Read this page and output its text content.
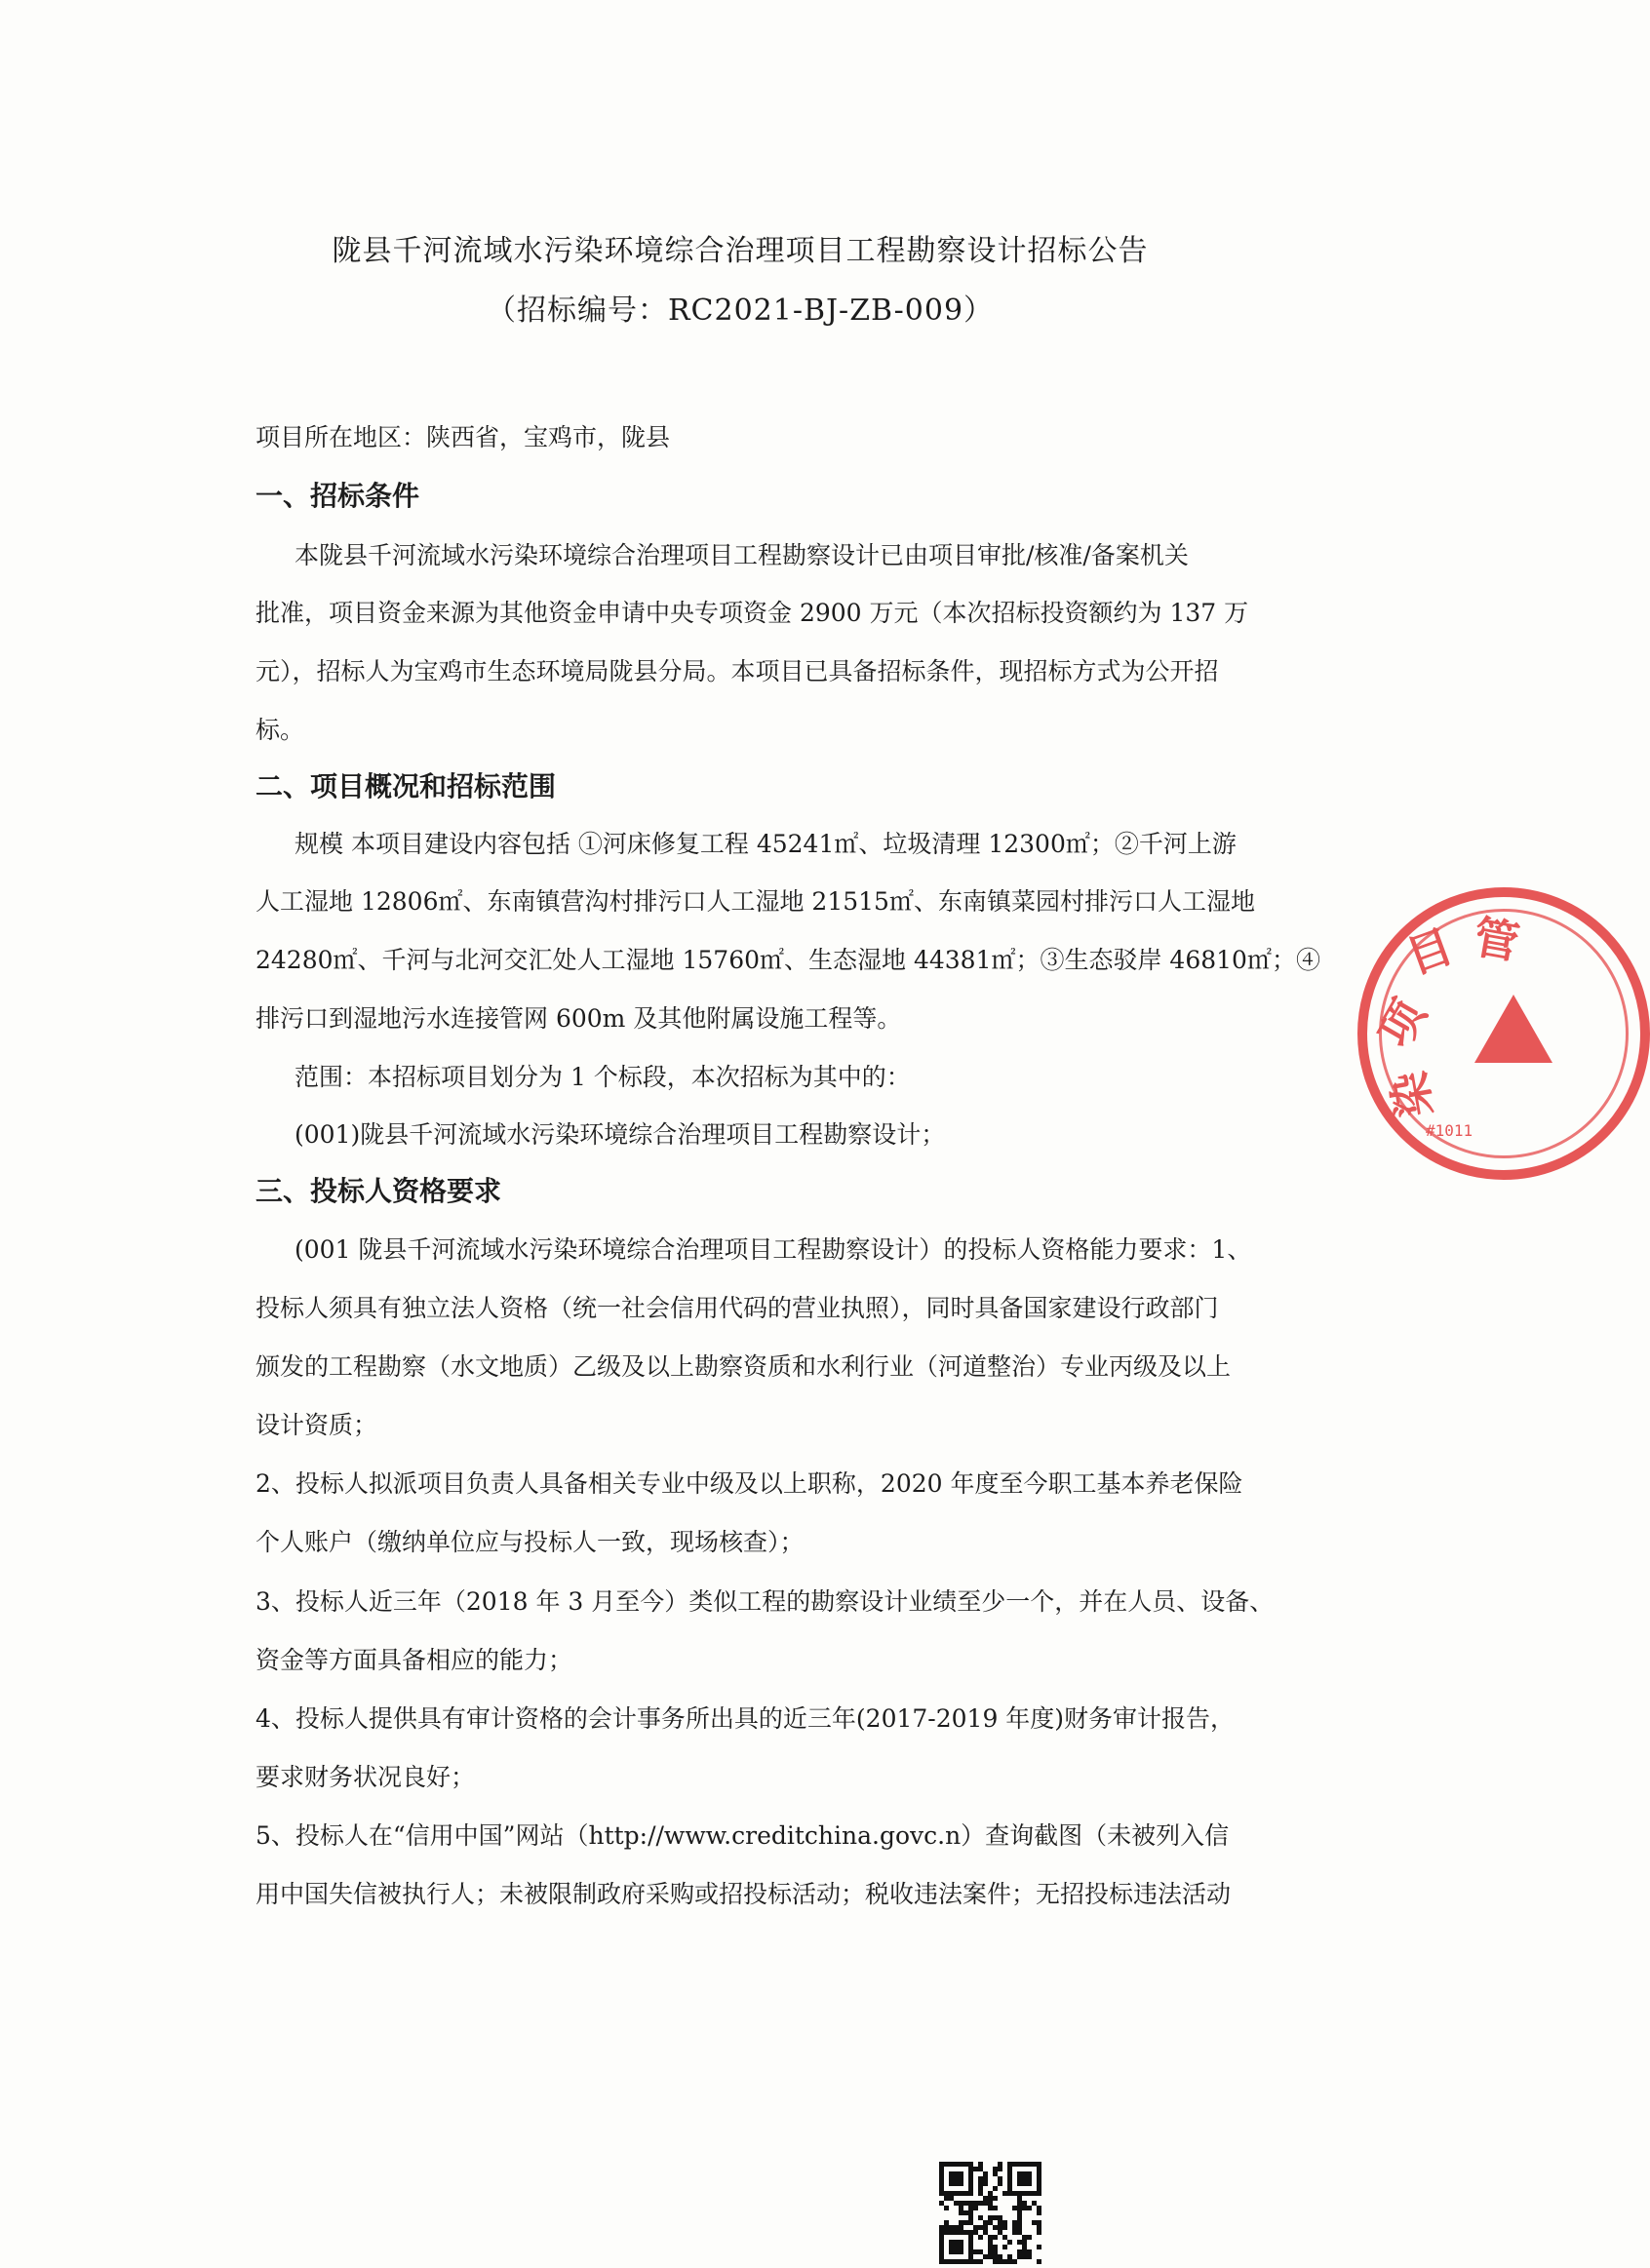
陇县千河流域水污染环境综合治理项目工程勘察设计招标公告
（招标编号：RC2021-BJ-ZB-009）
项目所在地区：陕西省，宝鸡市，陇县
一、招标条件
本陇县千河流域水污染环境综合治理项目工程勘察设计已由项目审批/核准/备案机关
批准，项目资金来源为其他资金申请中央专项资金 2900 万元（本次招标投资额约为 137 万
元），招标人为宝鸡市生态环境局陇县分局。本项目已具备招标条件，现招标方式为公开招
标。
二、项目概况和招标范围
规模 本项目建设内容包括 ①河床修复工程 45241㎡、垃圾清理 12300㎡；②千河上游
人工湿地 12806㎡、东南镇营沟村排污口人工湿地 21515㎡、东南镇菜园村排污口人工湿地
24280㎡、千河与北河交汇处人工湿地 15760㎡、生态湿地 44381㎡；③生态驳岸 46810㎡；④
排污口到湿地污水连接管网 600m 及其他附属设施工程等。
范围：本招标项目划分为 1 个标段，本次招标为其中的：
(001)陇县千河流域水污染环境综合治理项目工程勘察设计；
三、投标人资格要求
(001 陇县千河流域水污染环境综合治理项目工程勘察设计）的投标人资格能力要求：1、
投标人须具有独立法人资格（统一社会信用代码的营业执照），同时具备国家建设行政部门
颁发的工程勘察（水文地质）乙级及以上勘察资质和水利行业（河道整治）专业丙级及以上
设计资质；
2、投标人拟派项目负责人具备相关专业中级及以上职称，2020 年度至今职工基本养老保险
个人账户（缴纳单位应与投标人一致，现场核查）；
3、投标人近三年（2018 年 3 月至今）类似工程的勘察设计业绩至少一个，并在人员、设备、
资金等方面具备相应的能力；
4、投标人提供具有审计资格的会计事务所出具的近三年(2017-2019 年度)财务审计报告，
要求财务状况良好；
5、投标人在“信用中国”网站（http://www.creditchina.govc.n）查询截图（未被列入信
用中国失信被执行人；未被限制政府采购或招投标活动；税收违法案件；无招投标违法活动
目 管
项
染
#1011
